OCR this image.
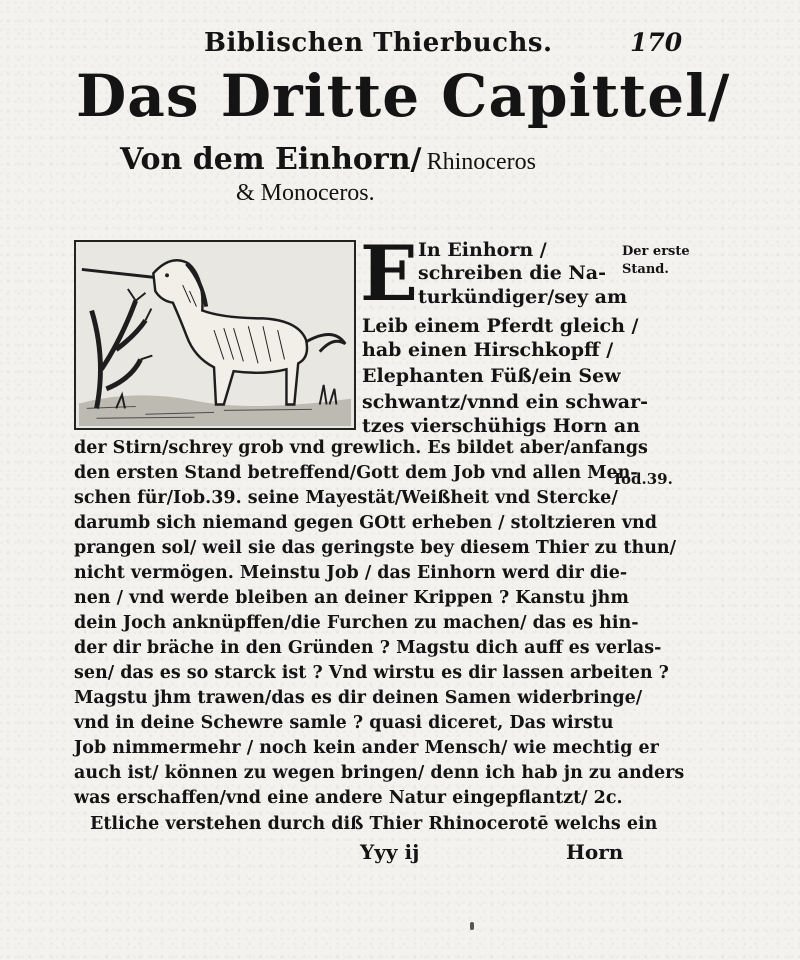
Biblischen Thierbuchs.	170
Das Dritte Capittel/
Von dem Einhorn/ Rhinoceros
& Monoceros.
E In Einhorn /
schreiben die Na-
turkündiger/sey am
Leib einem Pferdt gleich /
hab einen Hirschkopff /
Elephanten Füß/ein Sew
schwantz/vnnd ein schwar-
tzes vierschühigs Horn an
der Stirn/schrey grob vnd grewlich. Es bildet aber/anfangs
den ersten Stand betreffend/Gott dem Job vnd allen Men-
schen für/Iob.39. seine Mayestät/Weißheit vnd Stercke/
darumb sich niemand gegen GOtt erheben / stoltzieren vnd
prangen sol/ weil sie das geringste bey diesem Thier zu thun/
nicht vermögen. Meinstu Job / das Einhorn werd dir die-
nen / vnd werde bleiben an deiner Krippen ? Kanstu jhm
dein Joch anknüpffen/die Furchen zu machen/ das es hin-
der dir bräche in den Gründen ? Magstu dich auff es verlas-
sen/ das es so starck ist ? Vnd wirstu es dir lassen arbeiten ?
Magstu jhm trawen/das es dir deinen Samen widerbringe/
vnd in deine Schewre samle ? quasi diceret, Das wirstu
Job nimmermehr / noch kein ander Mensch/ wie mechtig er
auch ist/ können zu wegen bringen/ denn ich hab jn zu anders
was erschaffen/vnd eine andere Natur eingepflantzt/ 2c.
Etliche verstehen durch diß Thier Rhinocerotē welchs ein
Der erste
Stand.
Iod.39.
Yyy ij	Horn
